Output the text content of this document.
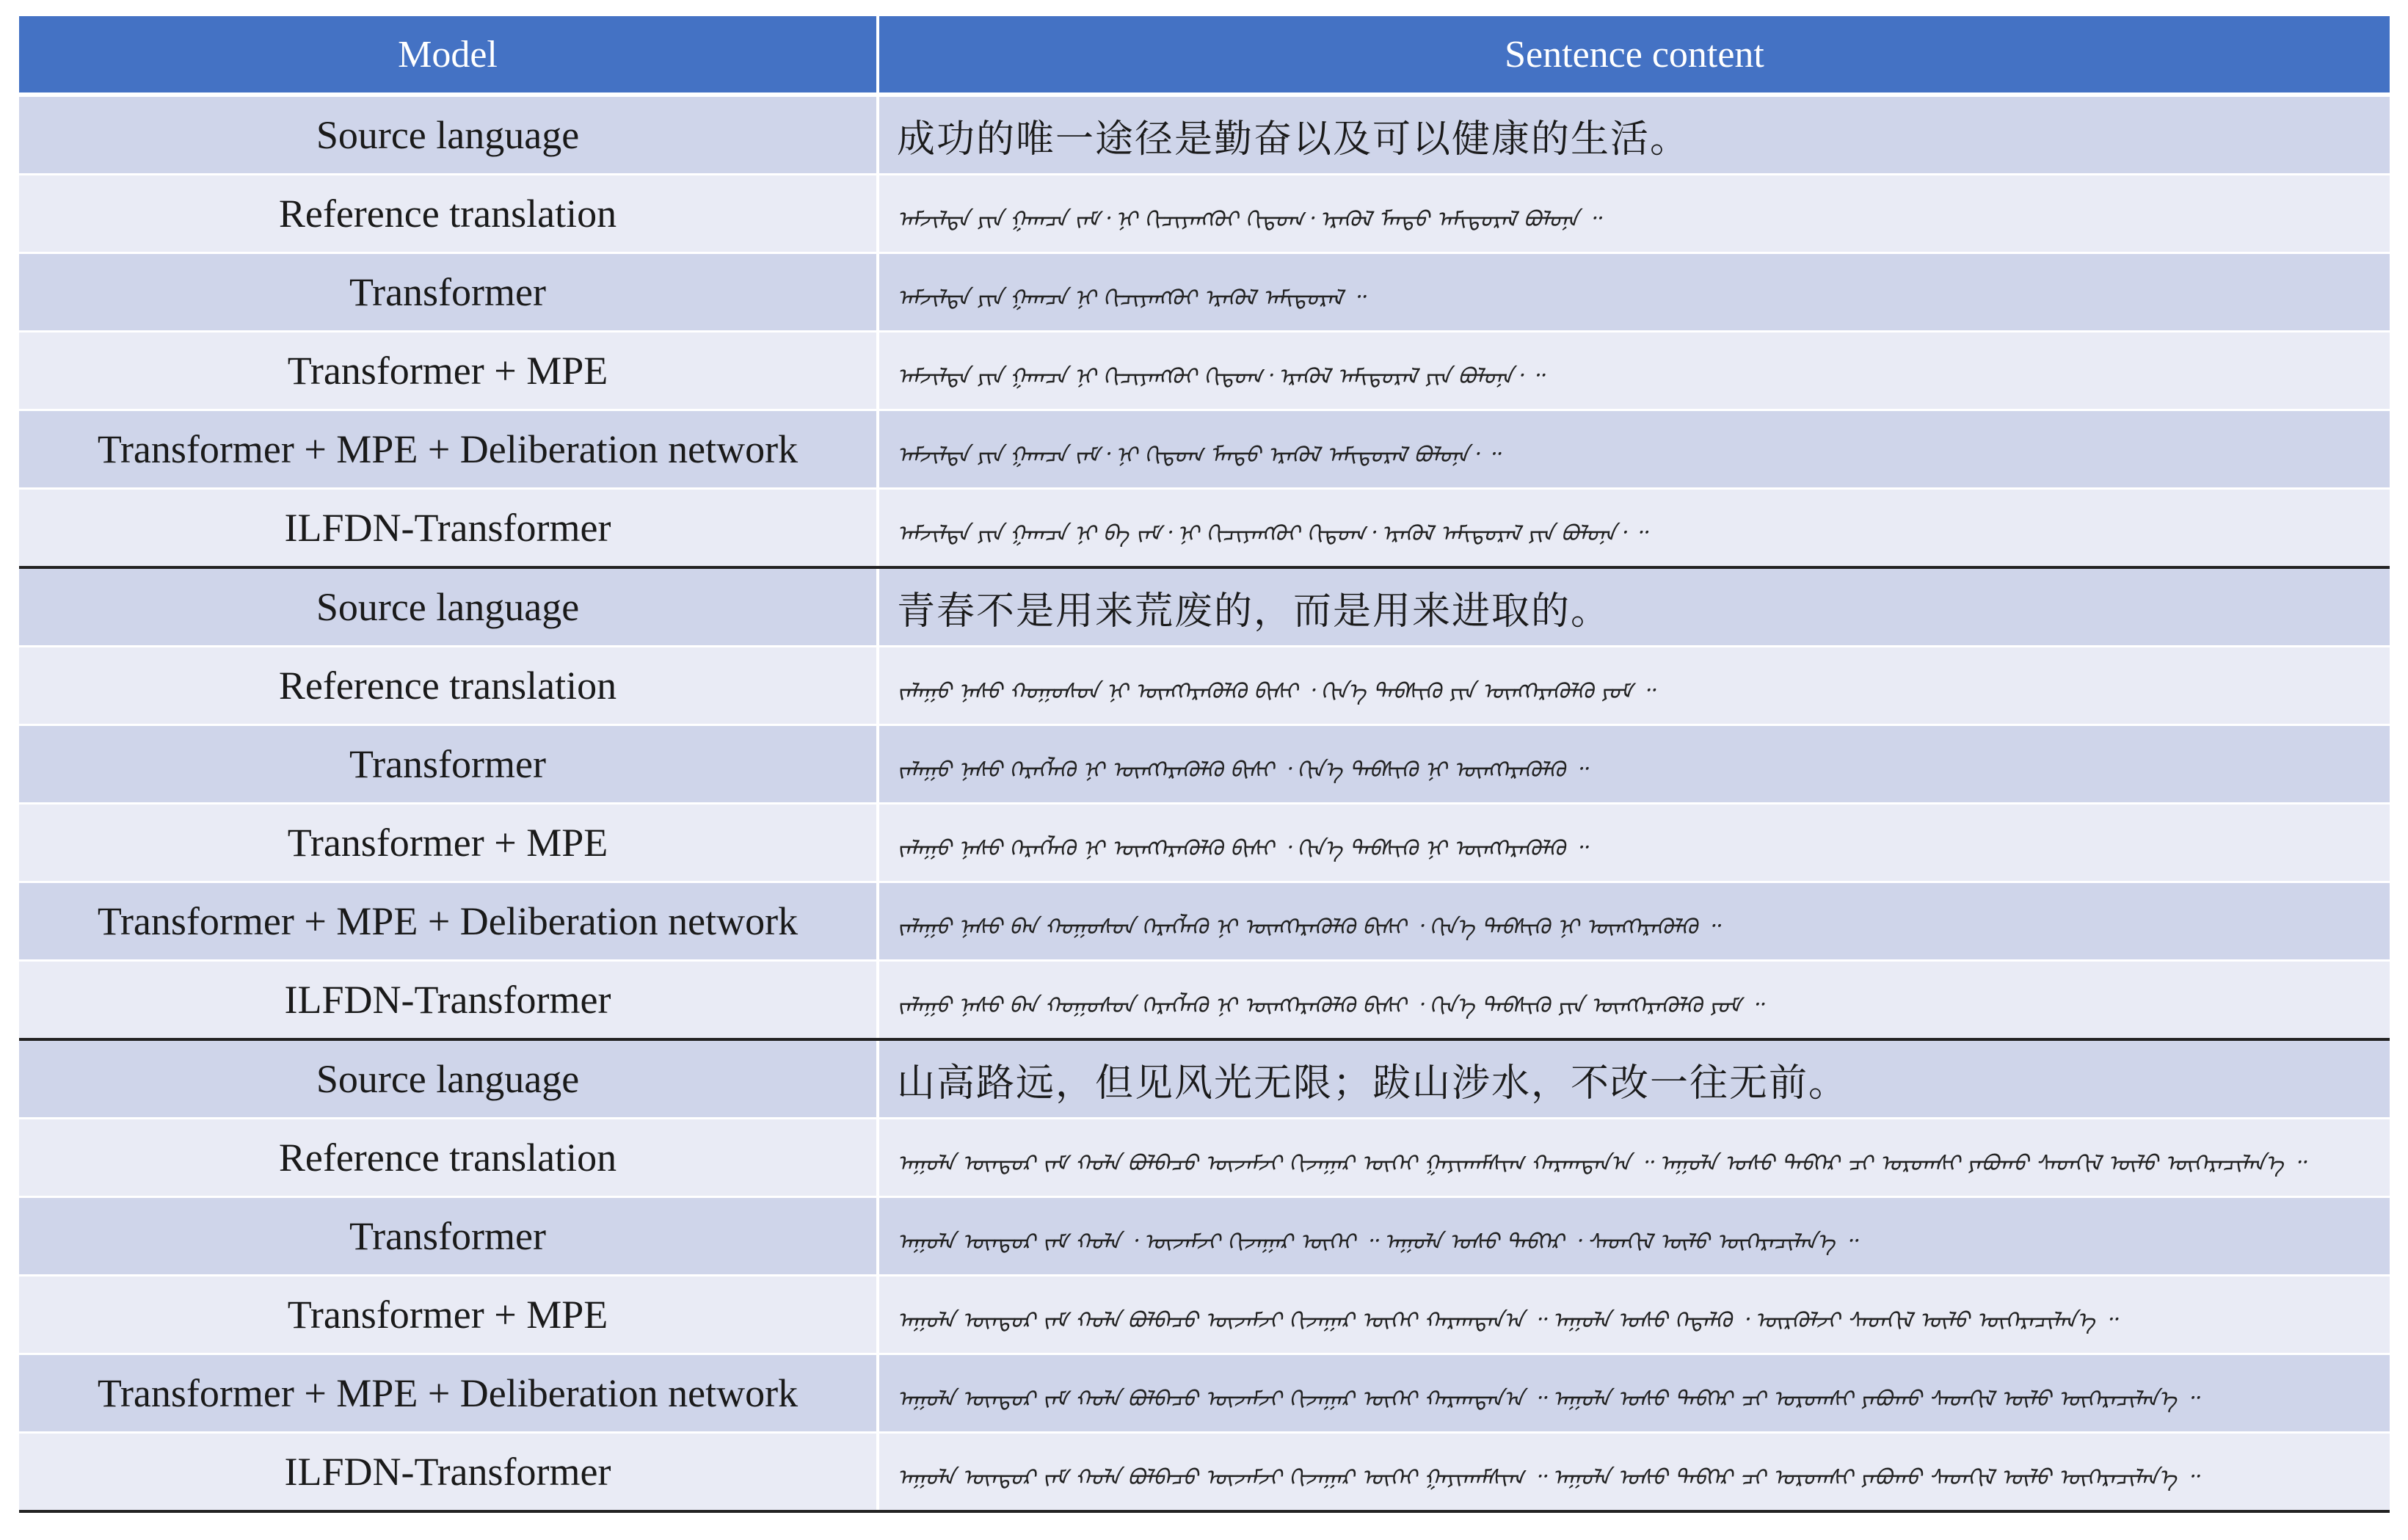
Model	Sentence content
Source language	成功的唯一途径是勤奋以及可以健康的生活。
Reference translation	ᠠᠮᠵᠢᠯᠲᠠ ᠶᠢᠨ ᠭᠠᠭᠴᠠ ᠵᠠᠮ᠂ ᠨᠢ ᠬᠢᠴᠢᠶᠡᠩᠭᠦᠢ ᠬᠢᠳᠤᠭ᠂ ᠡᠷᠡᠭᠦᠯ ᠮᠡᠨᠳᠦ ᠠᠮᠢᠳᠤᠷᠠᠯ ᠪᠣᠯᠤᠨᠠ ᠃
Transformer	ᠠᠮᠵᠢᠯᠲᠠ ᠶᠢᠨ ᠭᠠᠭᠴᠠ ᠨᠢ ᠬᠢᠴᠢᠶᠡᠩᠭᠦᠢ ᠡᠷᠡᠭᠦᠯ ᠠᠮᠢᠳᠤᠷᠠᠯ ᠃
Transformer + MPE	ᠠᠮᠵᠢᠯᠲᠠ ᠶᠢᠨ ᠭᠠᠭᠴᠠ ᠨᠢ ᠬᠢᠴᠢᠶᠡᠩᠭᠦᠢ ᠬᠢᠳᠤᠭ᠂ ᠡᠷᠡᠭᠦᠯ ᠠᠮᠢᠳᠤᠷᠠᠯ ᠶᠢᠨ ᠪᠣᠯᠤᠨᠠ᠂ ᠃
Transformer + MPE + Deliberation network	ᠠᠮᠵᠢᠯᠲᠠ ᠶᠢᠨ ᠭᠠᠭᠴᠠ ᠵᠠᠮ᠂ ᠨᠢ ᠬᠢᠳᠤᠭ ᠮᠡᠨᠳᠦ ᠡᠷᠡᠭᠦᠯ ᠠᠮᠢᠳᠤᠷᠠᠯ ᠪᠣᠯᠤᠨᠠ᠂ ᠃
ILFDN-Transformer	ᠠᠮᠵᠢᠯᠲᠠ ᠶᠢᠨ ᠭᠠᠭᠴᠠ ᠨᠢ ᠪᠠ ᠵᠠᠮ᠂ ᠨᠢ ᠬᠢᠴᠢᠶᠡᠩᠭᠦᠢ ᠬᠢᠳᠤᠭ᠂ ᠡᠷᠡᠭᠦᠯ ᠠᠮᠢᠳᠤᠷᠠᠯ ᠶᠢᠨ ᠪᠣᠯᠤᠨᠠ᠂ ᠃
Source language	青春不是用来荒废的，而是用来进取的。
Reference translation	ᠵᠠᠯᠠᠭᠤ ᠨᠠᠰᠤ ᠬᠣᠭᠣᠰᠤᠨ ᠨᠢ ᠥᠩᠭᠡᠷᠡᠭᠦᠯᠬᠦ ᠪᠢᠰᠢ ᠂ ᠬᠢᠨ᠎ᠡ ᠳᠡᠪᠰᠢᠬᠦ ᠶᠢᠨ ᠥᠩᠭᠡᠷᠡᠭᠦᠯᠬᠦ ᠶᠤᠮ ᠃
Transformer	ᠵᠠᠯᠠᠭᠤ ᠨᠠᠰᠤ ᠬᠡᠷᠡᠭᠯᠡᠬᠦ ᠨᠢ ᠥᠩᠭᠡᠷᠡᠭᠦᠯᠬᠦ ᠪᠢᠰᠢ ᠂ ᠬᠢᠨ᠎ᠡ ᠳᠡᠪᠰᠢᠬᠦ ᠨᠢ ᠥᠩᠭᠡᠷᠡᠭᠦᠯᠬᠦ ᠃
Transformer + MPE	ᠵᠠᠯᠠᠭᠤ ᠨᠠᠰᠤ ᠬᠡᠷᠡᠭᠯᠡᠬᠦ ᠨᠢ ᠥᠩᠭᠡᠷᠡᠭᠦᠯᠬᠦ ᠪᠢᠰᠢ ᠂ ᠬᠢᠨ᠎ᠡ ᠳᠡᠪᠰᠢᠬᠦ ᠨᠢ ᠥᠩᠭᠡᠷᠡᠭᠦᠯᠬᠦ ᠃
Transformer + MPE + Deliberation network	ᠵᠠᠯᠠᠭᠤ ᠨᠠᠰᠤ ᠪᠡᠨ ᠬᠣᠭᠣᠰᠤᠨ ᠬᠡᠷᠡᠭᠯᠡᠬᠦ ᠨᠢ ᠥᠩᠭᠡᠷᠡᠭᠦᠯᠬᠦ ᠪᠢᠰᠢ ᠂ ᠬᠢᠨ᠎ᠡ ᠳᠡᠪᠰᠢᠬᠦ ᠨᠢ ᠥᠩᠭᠡᠷᠡᠭᠦᠯᠬᠦ ᠃
ILFDN-Transformer	ᠵᠠᠯᠠᠭᠤ ᠨᠠᠰᠤ ᠪᠡᠨ ᠬᠣᠭᠣᠰᠤᠨ ᠬᠡᠷᠡᠭᠯᠡᠬᠦ ᠨᠢ ᠥᠩᠭᠡᠷᠡᠭᠦᠯᠬᠦ ᠪᠢᠰᠢ ᠂ ᠬᠢᠨ᠎ᠡ ᠳᠡᠪᠰᠢᠬᠦ ᠶᠢᠨ ᠥᠩᠭᠡᠷᠡᠭᠦᠯᠬᠦ ᠶᠤᠮ ᠃
Source language	山高路远，但见风光无限；跋山涉水，不改一往无前。
Reference translation	ᠠᠭᠤᠯᠠ ᠥᠨᠳᠦᠷ ᠵᠠᠮ ᠬᠣᠯᠠ ᠪᠣᠯᠪᠠᠴᠤ ᠦᠵᠡᠮᠵᠢ ᠬᠢᠵᠠᠭᠠᠷ ᠦᠭᠡᠢ ᠭᠠᠶᠢᠬᠠᠮᠰᠢᠭ ᠬᠠᠷᠠᠭᠳᠠᠨ᠎ᠠ ᠃ ᠠᠭᠤᠯᠠ ᠤᠰᠤ ᠳᠡᠪᠬᠡᠷ ᠴᠢ ᠤᠷᠤᠭᠰᠢ ᠶᠠᠪᠤᠬᠤ ᠰᠡᠳᠭᠢᠯ ᠦᠯᠦ ᠥᠭᠡᠷᠡᠴᠢᠯᠡᠨ᠎ᠡ ᠃
Transformer	ᠠᠭᠤᠯᠠ ᠥᠨᠳᠦᠷ ᠵᠠᠮ ᠬᠣᠯᠠ ᠂ ᠦᠵᠡᠮᠵᠢ ᠬᠢᠵᠠᠭᠠᠷ ᠦᠭᠡᠢ ᠃ ᠠᠭᠤᠯᠠ ᠤᠰᠤ ᠳᠡᠪᠬᠡᠷ ᠂ ᠰᠡᠳᠭᠢᠯ ᠦᠯᠦ ᠥᠭᠡᠷᠡᠴᠢᠯᠡᠨ᠎ᠡ ᠃
Transformer + MPE	ᠠᠭᠤᠯᠠ ᠥᠨᠳᠦᠷ ᠵᠠᠮ ᠬᠣᠯᠠ ᠪᠣᠯᠪᠠᠴᠤ ᠦᠵᠡᠮᠵᠢ ᠬᠢᠵᠠᠭᠠᠷ ᠦᠭᠡᠢ ᠬᠠᠷᠠᠭᠳᠠᠨ᠎ᠠ ᠃ ᠠᠭᠤᠯᠠ ᠤᠰᠤ ᠭᠡᠳᠡᠯᠬᠦ ᠂ ᠦᠷᠭᠦᠯᠵᠢ ᠰᠡᠳᠭᠢᠯ ᠦᠯᠦ ᠥᠭᠡᠷᠡᠴᠢᠯᠡᠨ᠎ᠡ ᠃
Transformer + MPE + Deliberation network	ᠠᠭᠤᠯᠠ ᠥᠨᠳᠦᠷ ᠵᠠᠮ ᠬᠣᠯᠠ ᠪᠣᠯᠪᠠᠴᠤ ᠦᠵᠡᠮᠵᠢ ᠬᠢᠵᠠᠭᠠᠷ ᠦᠭᠡᠢ ᠬᠠᠷᠠᠭᠳᠠᠨ᠎ᠠ ᠃ ᠠᠭᠤᠯᠠ ᠤᠰᠤ ᠳᠡᠪᠬᠡᠷ ᠴᠢ ᠤᠷᠤᠭᠰᠢ ᠶᠠᠪᠤᠬᠤ ᠰᠡᠳᠭᠢᠯ ᠦᠯᠦ ᠥᠭᠡᠷᠡᠴᠢᠯᠡᠨ᠎ᠡ ᠃
ILFDN-Transformer	ᠠᠭᠤᠯᠠ ᠥᠨᠳᠦᠷ ᠵᠠᠮ ᠬᠣᠯᠠ ᠪᠣᠯᠪᠠᠴᠤ ᠦᠵᠡᠮᠵᠢ ᠬᠢᠵᠠᠭᠠᠷ ᠦᠭᠡᠢ ᠭᠠᠶᠢᠬᠠᠮᠰᠢᠭ ᠃ ᠠᠭᠤᠯᠠ ᠤᠰᠤ ᠳᠡᠪᠬᠡᠷ ᠴᠢ ᠤᠷᠤᠭᠰᠢ ᠶᠠᠪᠤᠬᠤ ᠰᠡᠳᠭᠢᠯ ᠦᠯᠦ ᠥᠭᠡᠷᠡᠴᠢᠯᠡᠨ᠎ᠡ ᠃
